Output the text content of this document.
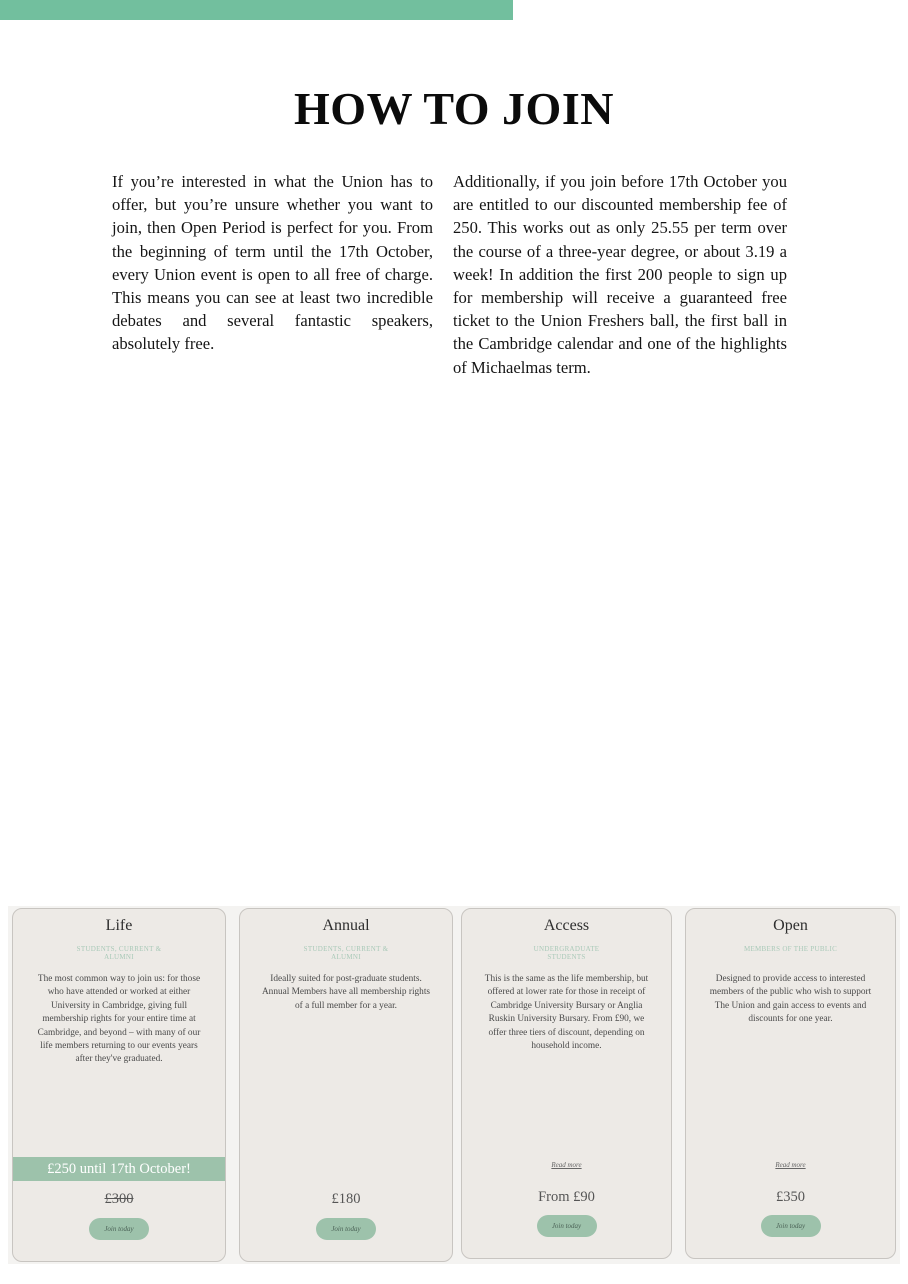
HOW TO JOIN

If you’re interested in what the Union has to offer, but you’re unsure whether you want to join, then Open Period is perfect for you. From the beginning of term until the 17th October, every Union event is open to all free of charge. This means you can see at least two incredible debates and several fantastic speakers, absolutely free.

Additionally, if you join before 17th October you are entitled to our discounted membership fee of 250. This works out as only 25.55 per term over the course of a three-year degree, or about 3.19 a week! In addition the first 200 people to sign up for membership will receive a guaranteed free ticket to the Union Freshers ball, the first ball in the Cambridge calendar and one of the highlights of Michaelmas term.

Life
STUDENTS, CURRENT & ALUMNI
The most common way to join us: for those who have attended or worked at either University in Cambridge, giving full membership rights for your entire time at Cambridge, and beyond – with many of our life members returning to our events years after they've graduated.
£250 until 17th October!
£300
Join today
Annual
STUDENTS, CURRENT & ALUMNI
Ideally suited for post-graduate students. Annual Members have all membership rights of a full member for a year.
£180
Join today
Access
UNDERGRADUATE STUDENTS
This is the same as the life membership, but offered at lower rate for those in receipt of Cambridge University Bursary or Anglia Ruskin University Bursary. From £90, we offer three tiers of discount, depending on household income.
Read more
From £90
Join today
Open
MEMBERS OF THE PUBLIC
Designed to provide access to interested members of the public who wish to support The Union and gain access to events and discounts for one year.
Read more
£350
Join today
